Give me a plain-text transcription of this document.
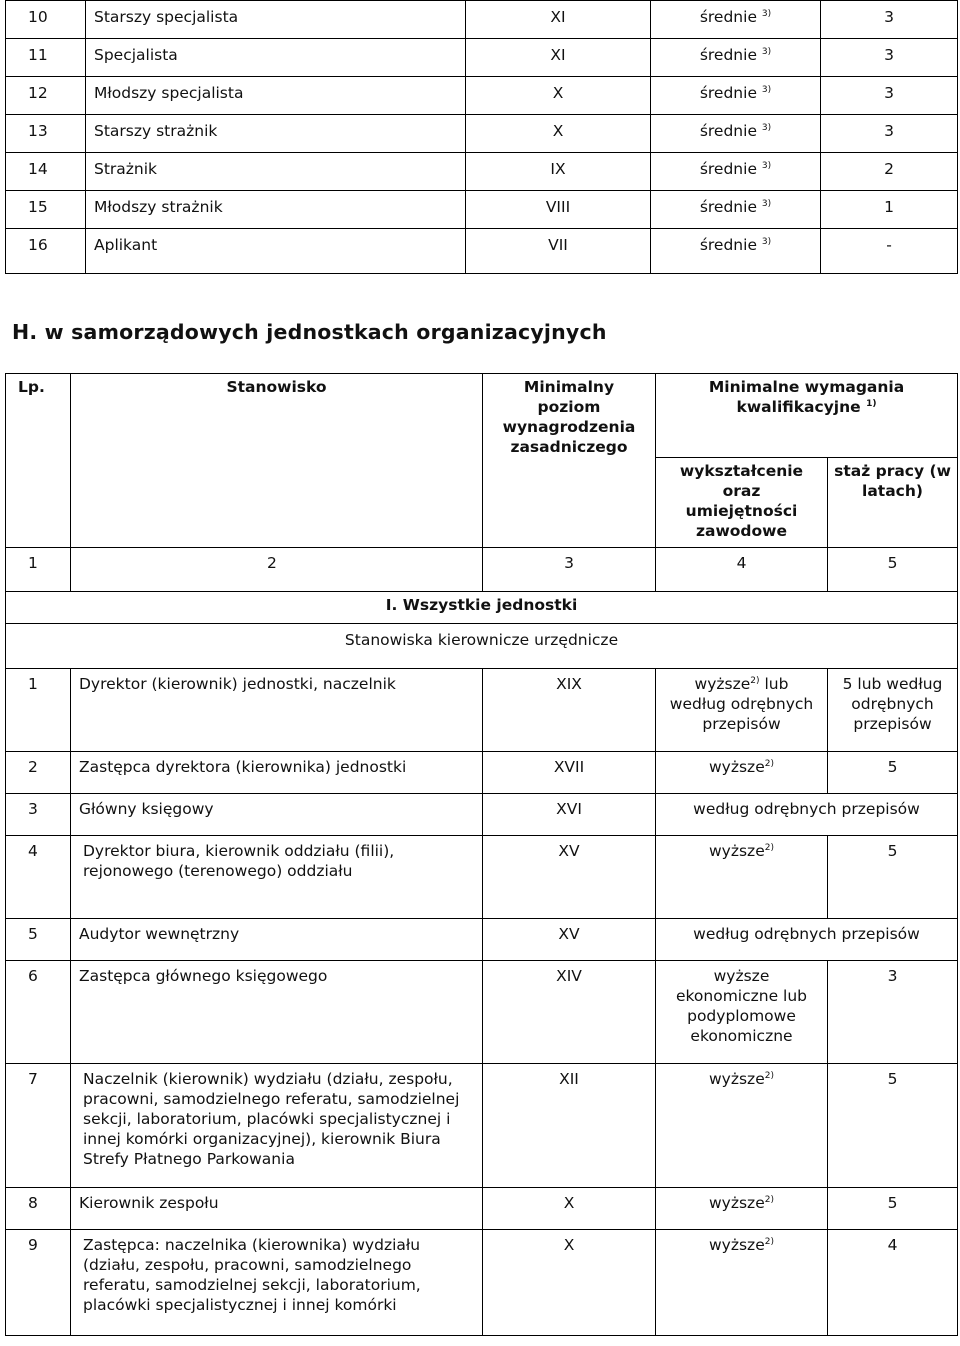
10	Starszy specjalista	XI	średnie $^{3)}$	3
11	Specjalista	XI	średnie $^{3)}$	3
12	Młodszy specjalista	X	średnie $^{3)}$	3
13	Starszy strażnik	X	średnie $^{3)}$	3
14	Strażnik	IX	średnie $^{3)}$	2
15	Młodszy strażnik	VIII	średnie $^{3)}$	1
16	Aplikant	VII	średnie $^{3)}$	-
H. w samorządowych jednostkach organizacyjnych
Lp.	Stanowisko	Minimalny poziom wynagrodzenia zasadniczego	Minimalne wymagania kwalifikacyjne $^{1)}$
			wykształcenie oraz umiejętności zawodowe	staż pracy (w latach)
1	2	3	4	5
I. Wszystkie jednostki				
Stanowiska kierownicze urzędnicze				
1	Dyrektor (kierownik) jednostki, naczelnik	XIX	wyższe$^{2)}$ lub według odrębnych przepisów	5 lub według odrębnych przepisów
2	Zastępca dyrektora (kierownika) jednostki	XVII	wyższe$^{2)}$	5
3	Główny księgowy	XVI	według odrębnych przepisów	
4	Dyrektor biura, kierownik oddziału (filii), rejonowego (terenowego) oddziału	XV	wyższe$^{2)}$	5
5	Audytor wewnętrzny	XV	według odrębnych przepisów	
6	Zastępca głównego księgowego	XIV	wyższe ekonomiczne lub podyplomowe ekonomiczne	3
7	Naczelnik (kierownik) wydziału (działu, zespołu, pracowni, samodzielnego referatu, samodzielnej sekcji, laboratorium, placówki specjalistycznej i innej komórki organizacyjnej), kierownik Biura Strefy Płatnego Parkowania	XII	wyższe$^{2)}$	5
8	Kierownik zespołu	X	wyższe$^{2)}$	5
9	Zastępca: naczelnika (kierownika) wydziału (działu, zespołu, pracowni, samodzielnego referatu, samodzielnej sekcji, laboratorium, placówki specjalistycznej i innej komórki	X	wyższe$^{2)}$	4
